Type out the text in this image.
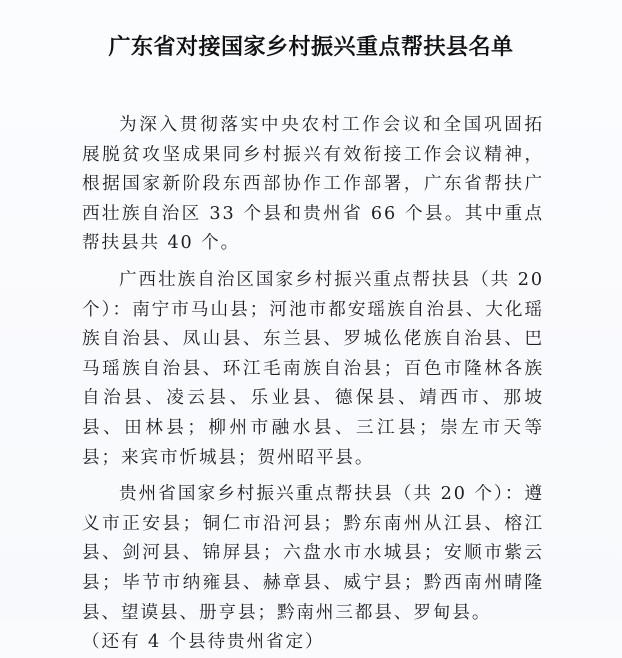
广东省对接国家乡村振兴重点帮扶县名单

为深入贯彻落实中央农村工作会议和全国巩固拓展脱贫攻坚成果同乡村振兴有效衔接工作会议精神，根据国家新阶段东西部协作工作部署，广东省帮扶广西壮族自治区 33 个县和贵州省 66 个县。其中重点帮扶县共 40 个。

广西壮族自治区国家乡村振兴重点帮扶县（共 20 个）：南宁市马山县；河池市都安瑶族自治县、大化瑶族自治县、凤山县、东兰县、罗城仫佬族自治县、巴马瑶族自治县、环江毛南族自治县；百色市隆林各族自治县、凌云县、乐业县、德保县、靖西市、那坡县、田林县；柳州市融水县、三江县；崇左市天等县；来宾市忻城县；贺州昭平县。

贵州省国家乡村振兴重点帮扶县（共 20 个）：遵义市正安县；铜仁市沿河县；黔东南州从江县、榕江县、剑河县、锦屏县；六盘水市水城县；安顺市紫云县；毕节市纳雍县、赫章县、威宁县；黔西南州晴隆县、望谟县、册亨县；黔南州三都县、罗甸县。

（还有 4 个县待贵州省定）
